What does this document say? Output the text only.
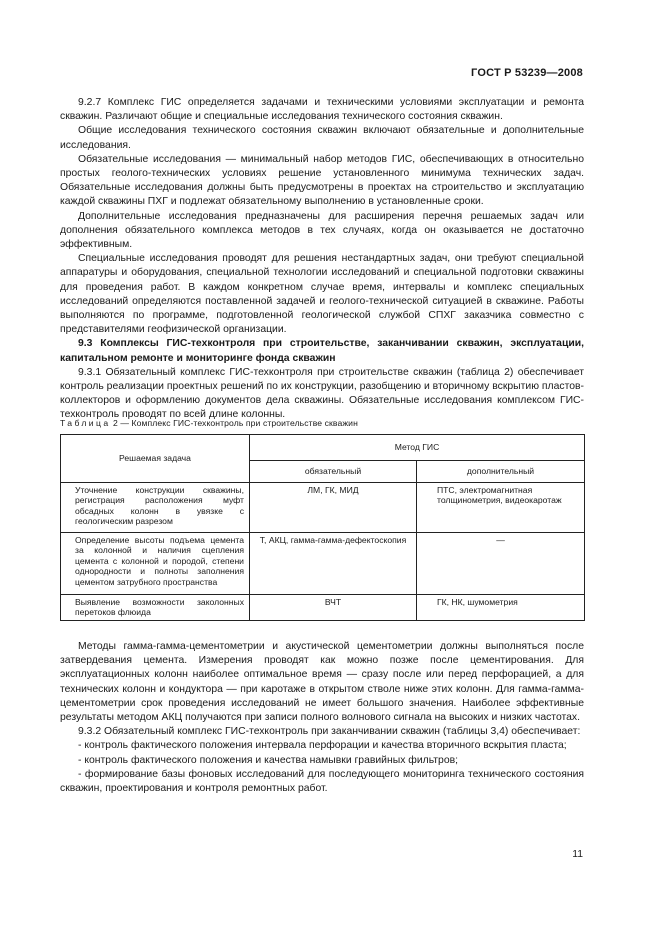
ГОСТ Р 53239—2008

9.2.7 Комплекс ГИС определяется задачами и техническими условиями эксплуатации и ремонта скважин. Различают общие и специальные исследования технического состояния скважин.

Общие исследования технического состояния скважин включают обязательные и дополнительные исследования.

Обязательные исследования — минимальный набор методов ГИС, обеспечивающих в относительно простых геолого-технических условиях решение установленного минимума технических задач. Обязательные исследования должны быть предусмотрены в проектах на строительство и эксплуатацию каждой скважины ПХГ и подлежат обязательному выполнению в установленные сроки.

Дополнительные исследования предназначены для расширения перечня решаемых задач или дополнения обязательного комплекса методов в тех случаях, когда он оказывается не достаточно эффективным.

Специальные исследования проводят для решения нестандартных задач, они требуют специальной аппаратуры и оборудования, специальной технологии исследований и специальной подготовки скважины для проведения работ. В каждом конкретном случае время, интервалы и комплекс специальных исследований определяются поставленной задачей и геолого-технической ситуацией в скважине. Работы выполняются по программе, подготовленной геологической службой СПХГ заказчика совместно с представителями геофизической организации.

9.3 Комплексы ГИС-техконтроля при строительстве, заканчивании скважин, эксплуатации, капитальном ремонте и мониторинге фонда скважин

9.3.1 Обязательный комплекс ГИС-техконтроля при строительстве скважин (таблица 2) обеспечивает контроль реализации проектных решений по их конструкции, разобщению и вторичному вскрытию пластов-коллекторов и оформлению документов дела скважины. Обязательные исследования комплексом ГИС-техконтроль проводят по всей длине колонны.

Таблица 2 — Комплекс ГИС-техконтроль при строительстве скважин
Решаемая задача	Метод ГИС	
	обязательный	дополнительный
Уточнение конструкции скважины, регистрация расположения муфт обсадных колонн в увязке с геологическим разрезом	ЛМ, ГК, МИД	ПТС, электромагнитная толщинометрия, видеокаротаж
Определение высоты подъема цемента за колонной и наличия сцепления цемента с колонной и породой, степени однородности и полноты заполнения цементом затрубного пространства	Т, АКЦ, гамма-гамма-дефектоскопия	—
Выявление возможности заколонных перетоков флюида	ВЧТ	ГК, НК, шумометрия

Методы гамма-гамма-цементометрии и акустической цементометрии должны выполняться после затвердевания цемента. Измерения проводят как можно позже после цементирования. Для эксплуатационных колонн наиболее оптимальное время — сразу после или перед перфорацией, а для технических колонн и кондуктора — при каротаже в открытом стволе ниже этих колонн. Для гамма-гамма-цементометрии срок проведения исследований не имеет большого значения. Наиболее эффективные результаты методом АКЦ получаются при записи полного волнового сигнала на высоких и низких частотах.

9.3.2 Обязательный комплекс ГИС-техконтроль при заканчивании скважин (таблицы 3,4) обеспечивает:

- контроль фактического положения интервала перфорации и качества вторичного вскрытия пласта;

- контроль фактического положения и качества намывки гравийных фильтров;

- формирование базы фоновых исследований для последующего мониторинга технического состояния скважин, проектирования и контроля ремонтных работ.

11
